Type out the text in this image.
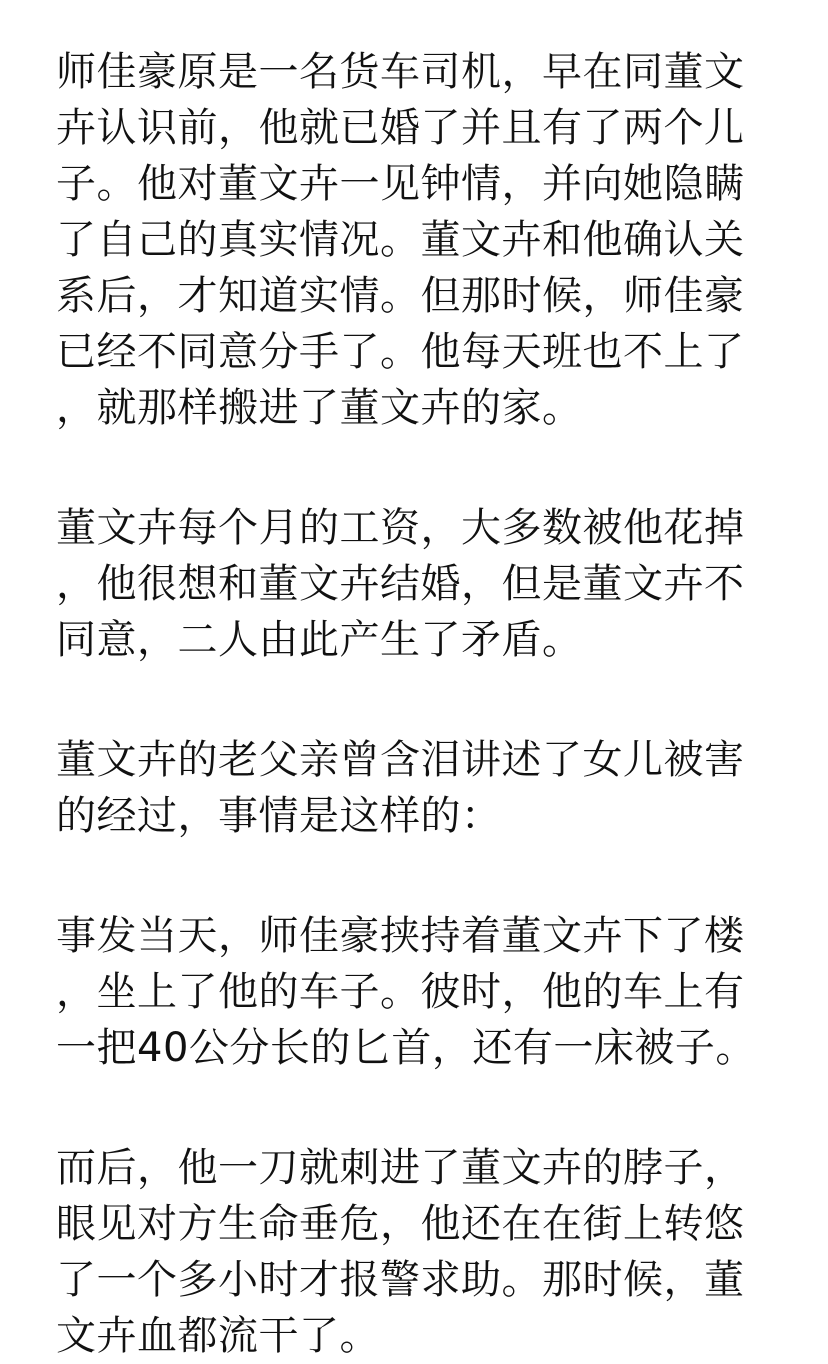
师佳豪原是一名货车司机，早在同董文
卉认识前，他就已婚了并且有了两个儿
子。他对董文卉一见钟情，并向她隐瞒
了自己的真实情况。董文卉和他确认关
系后，才知道实情。但那时候，师佳豪
已经不同意分手了。他每天班也不上了
，就那样搬进了董文卉的家。
董文卉每个月的工资，大多数被他花掉
，他很想和董文卉结婚，但是董文卉不
同意，二人由此产生了矛盾。
董文卉的老父亲曾含泪讲述了女儿被害
的经过，事情是这样的：
事发当天，师佳豪挟持着董文卉下了楼
，坐上了他的车子。彼时，他的车上有
一把40公分长的匕首，还有一床被子。
而后，他一刀就刺进了董文卉的脖子，
眼见对方生命垂危，他还在在街上转悠
了一个多小时才报警求助。那时候，董
文卉血都流干了。
